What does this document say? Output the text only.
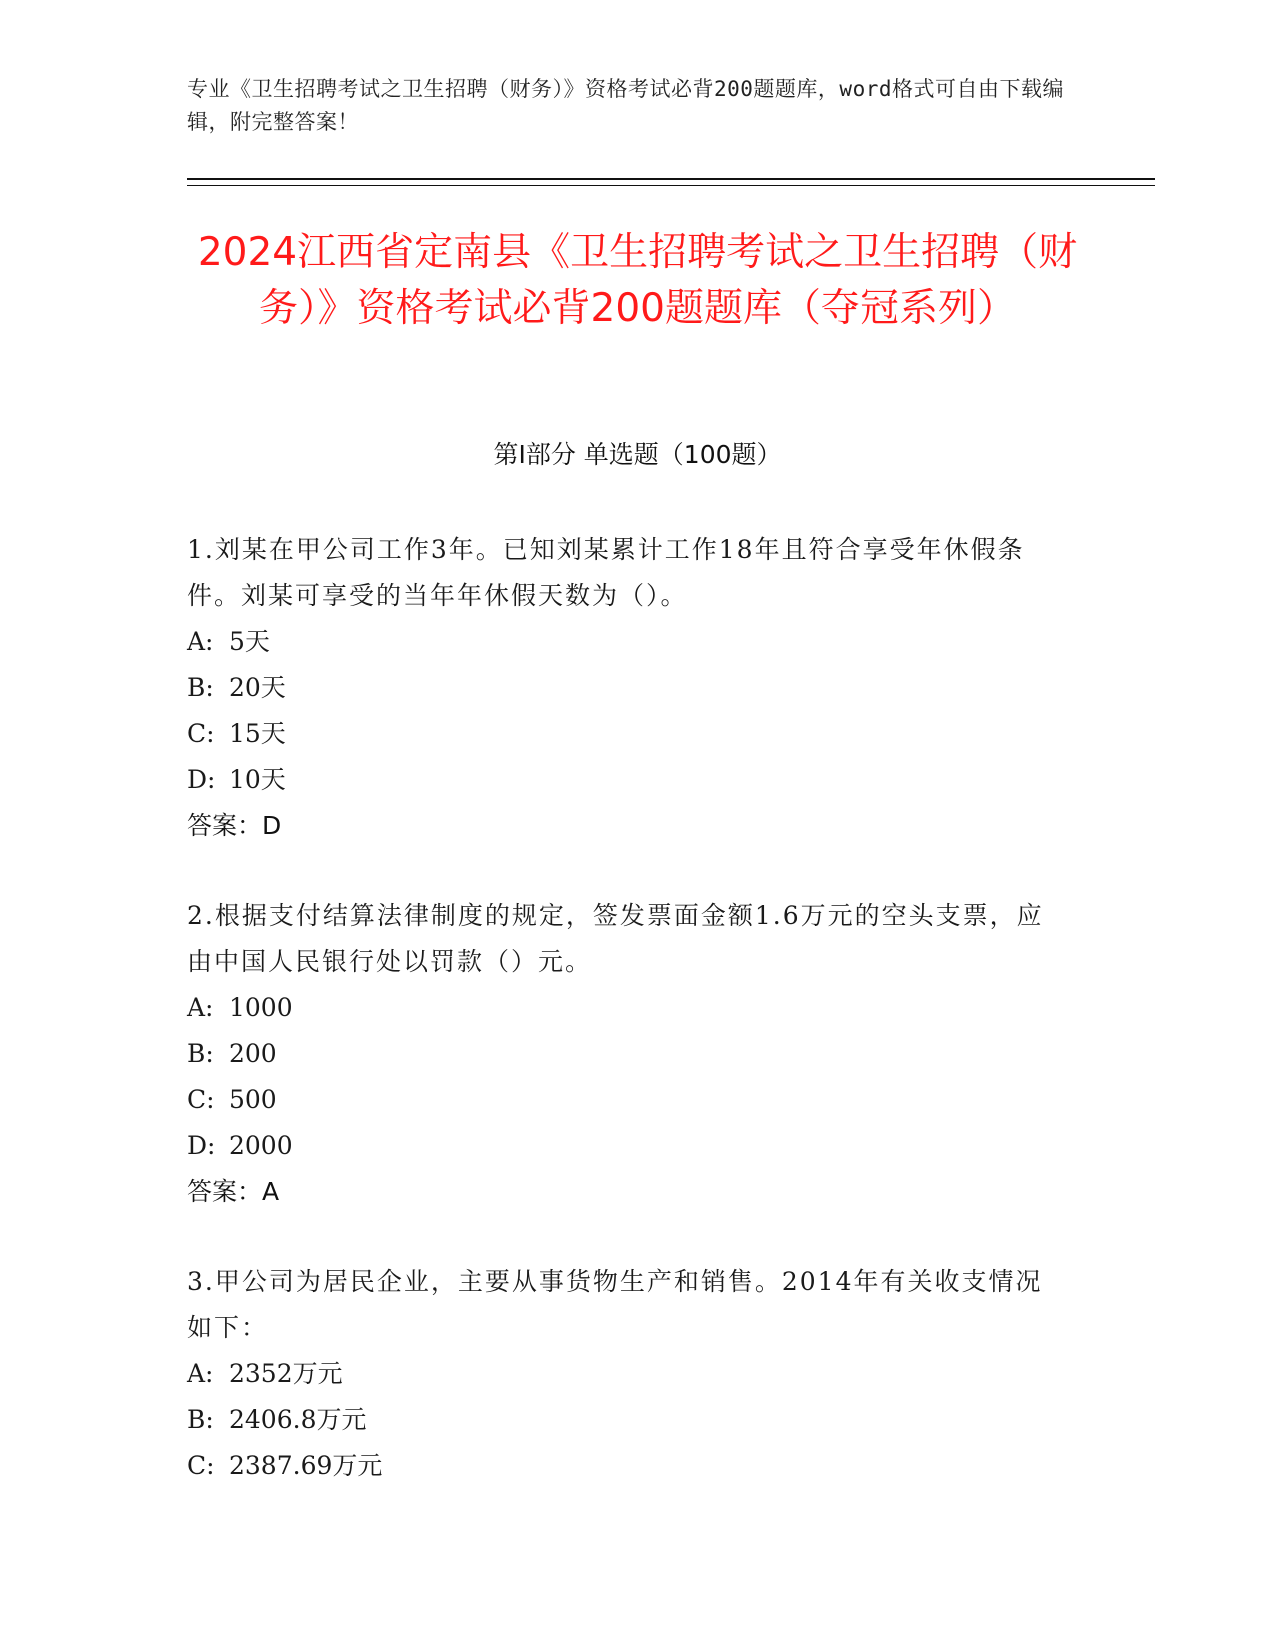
专业《卫生招聘考试之卫生招聘（财务）》资格考试必背200题题库，word格式可自由下载编辑，附完整答案！
2024江西省定南县《卫生招聘考试之卫生招聘（财务）》资格考试必背200题题库（夺冠系列）
第I部分 单选题（100题）
1.刘某在甲公司工作3年。已知刘某累计工作18年且符合享受年休假条件。刘某可享受的当年年休假天数为（）。
A: 5天
B: 20天
C: 15天
D: 10天
答案：D
2.根据支付结算法律制度的规定，签发票面金额1.6万元的空头支票，应由中国人民银行处以罚款（）元。
A: 1000
B: 200
C: 500
D: 2000
答案：A
3.甲公司为居民企业，主要从事货物生产和销售。2014年有关收支情况如下：
A: 2352万元
B: 2406.8万元
C: 2387.69万元
